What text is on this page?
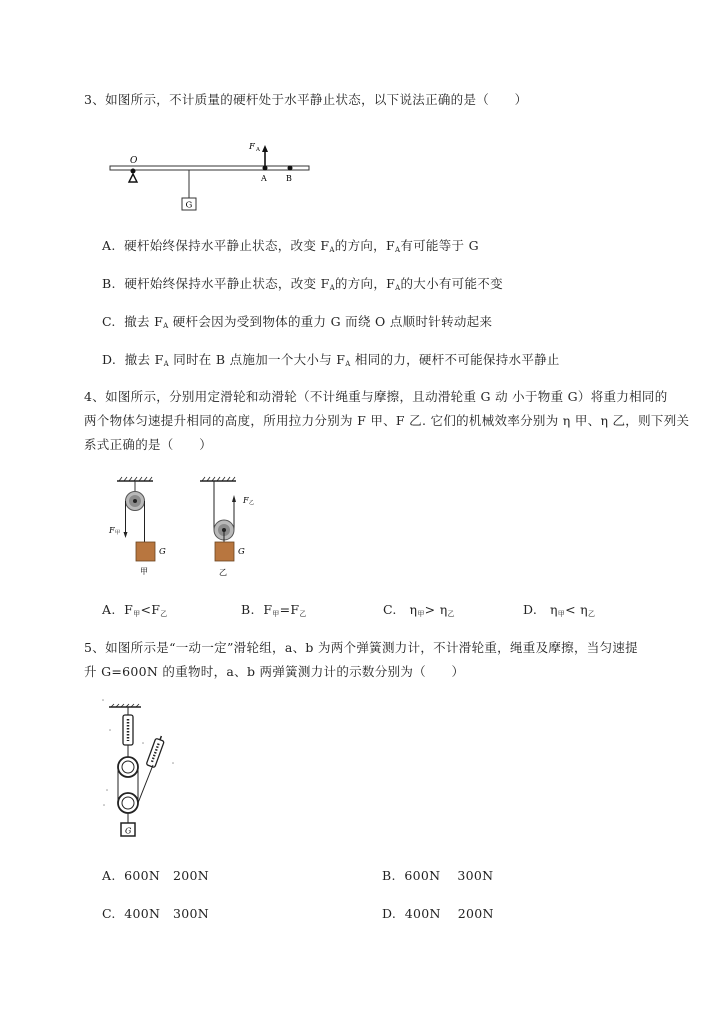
3、如图所示，不计质量的硬杆处于水平静止状态，以下说法正确的是（　　）
O
G
F A
A B
A. 硬杆始终保持水平静止状态，改变 $F_A$的方向，$F_A$有可能等于 G
B. 硬杆始终保持水平静止状态，改变 $F_A$的方向，$F_A$的大小有可能不变
C. 撤去 $F_A$ 硬杆会因为受到物体的重力 G 而绕 O 点顺时针转动起来
D. 撤去 $F_A$ 同时在 B 点施加一个大小与 $F_A$ 相同的力，硬杆不可能保持水平静止
4、如图所示，分别用定滑轮和动滑轮（不计绳重与摩擦，且动滑轮重 G 动 小于物重 G）将重力相同的
两个物体匀速提升相同的高度，所用拉力分别为 F 甲、F 乙. 它们的机械效率分别为 η 甲、η 乙，则下列关
系式正确的是（　　）
F 甲
G
甲
F 乙
G
乙
A. $F_甲<F_乙$	B. $F_甲=F_乙$	C. $\eta_甲> \eta_乙$	D. $\eta_甲< \eta_乙$
5、如图所示是“一动一定”滑轮组，a、b 为两个弹簧测力计，不计滑轮重，绳重及摩擦，当匀速提
升 G=600N 的重物时，a、b 两弹簧测力计的示数分别为（　　）
G
A. 600N　200N	B. 600N　 300N
C. 400N　300N	D. 400N　 200N
